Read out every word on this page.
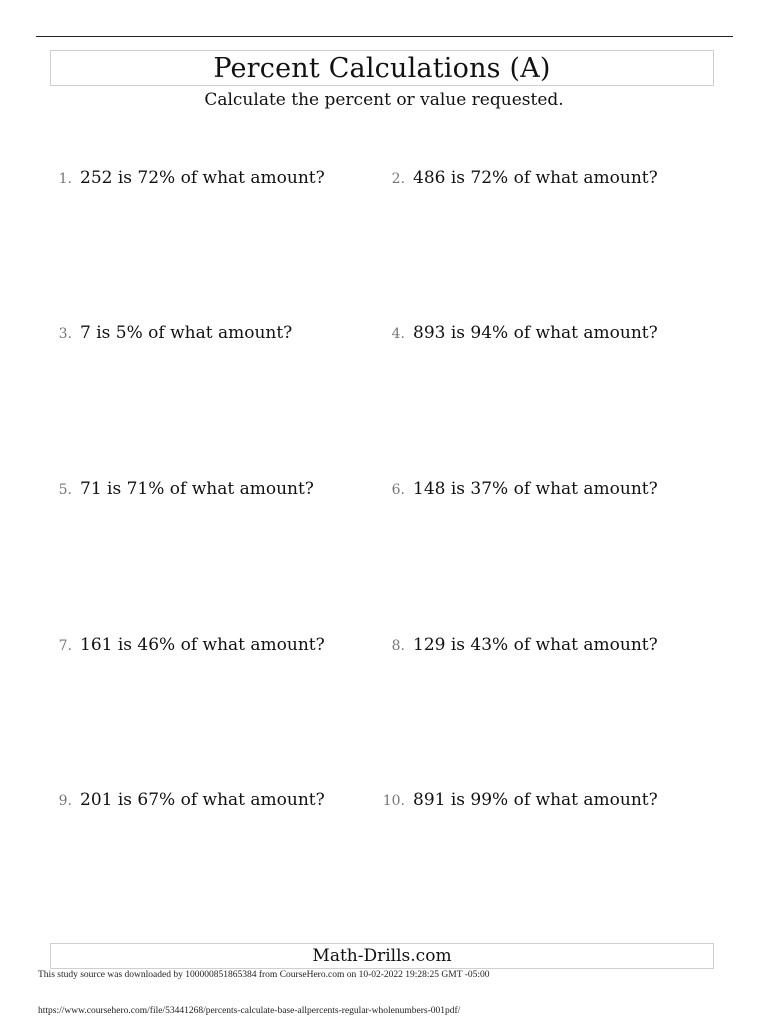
Percent Calculations (A)
Calculate the percent or value requested.
1. 252 is 72% of what amount?	2. 486 is 72% of what amount?
3. 7 is 5% of what amount?	4. 893 is 94% of what amount?
5. 71 is 71% of what amount?	6. 148 is 37% of what amount?
7. 161 is 46% of what amount?	8. 129 is 43% of what amount?
9. 201 is 67% of what amount?	10. 891 is 99% of what amount?
Math-Drills.com
This study source was downloaded by 100000851865384 from CourseHero.com on 10-02-2022 19:28:25 GMT -05:00
https://www.coursehero.com/file/53441268/percents-calculate-base-allpercents-regular-wholenumbers-001pdf/
